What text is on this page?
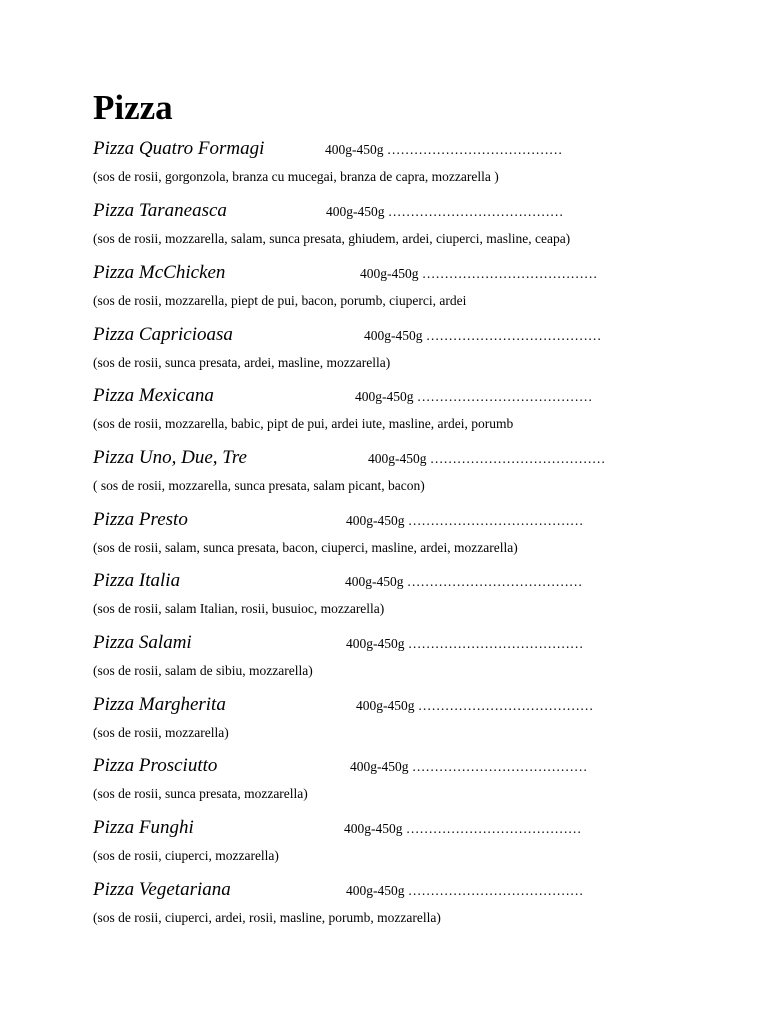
Pizza
Pizza Quatro Formagi	400g-450g …………………………………
(sos de rosii, gorgonzola, branza cu mucegai, branza de capra, mozzarella )
Pizza Taraneasca	400g-450g …………………………………
(sos de rosii, mozzarella, salam, sunca presata, ghiudem, ardei, ciuperci, masline, ceapa)
Pizza McChicken	400g-450g …………………………………
(sos de rosii, mozzarella, piept de pui, bacon, porumb, ciuperci, ardei
Pizza Capricioasa	400g-450g …………………………………
(sos de rosii, sunca presata, ardei, masline, mozzarella)
Pizza Mexicana	400g-450g …………………………………
(sos de rosii, mozzarella, babic, pipt de pui, ardei iute, masline, ardei, porumb
Pizza Uno, Due, Tre	400g-450g …………………………………
( sos de rosii, mozzarella, sunca presata, salam picant, bacon)
Pizza Presto	400g-450g …………………………………
(sos de rosii, salam, sunca presata, bacon, ciuperci, masline, ardei, mozzarella)
Pizza Italia	400g-450g …………………………………
(sos de rosii, salam Italian, rosii, busuioc, mozzarella)
Pizza Salami	400g-450g …………………………………
(sos de rosii, salam de sibiu, mozzarella)
Pizza Margherita	400g-450g …………………………………
(sos de rosii, mozzarella)
Pizza Prosciutto	400g-450g …………………………………
(sos de rosii, sunca presata, mozzarella)
Pizza Funghi	400g-450g …………………………………
(sos de rosii, ciuperci, mozzarella)
Pizza Vegetariana	400g-450g …………………………………
(sos de rosii, ciuperci, ardei, rosii, masline, porumb, mozzarella)
